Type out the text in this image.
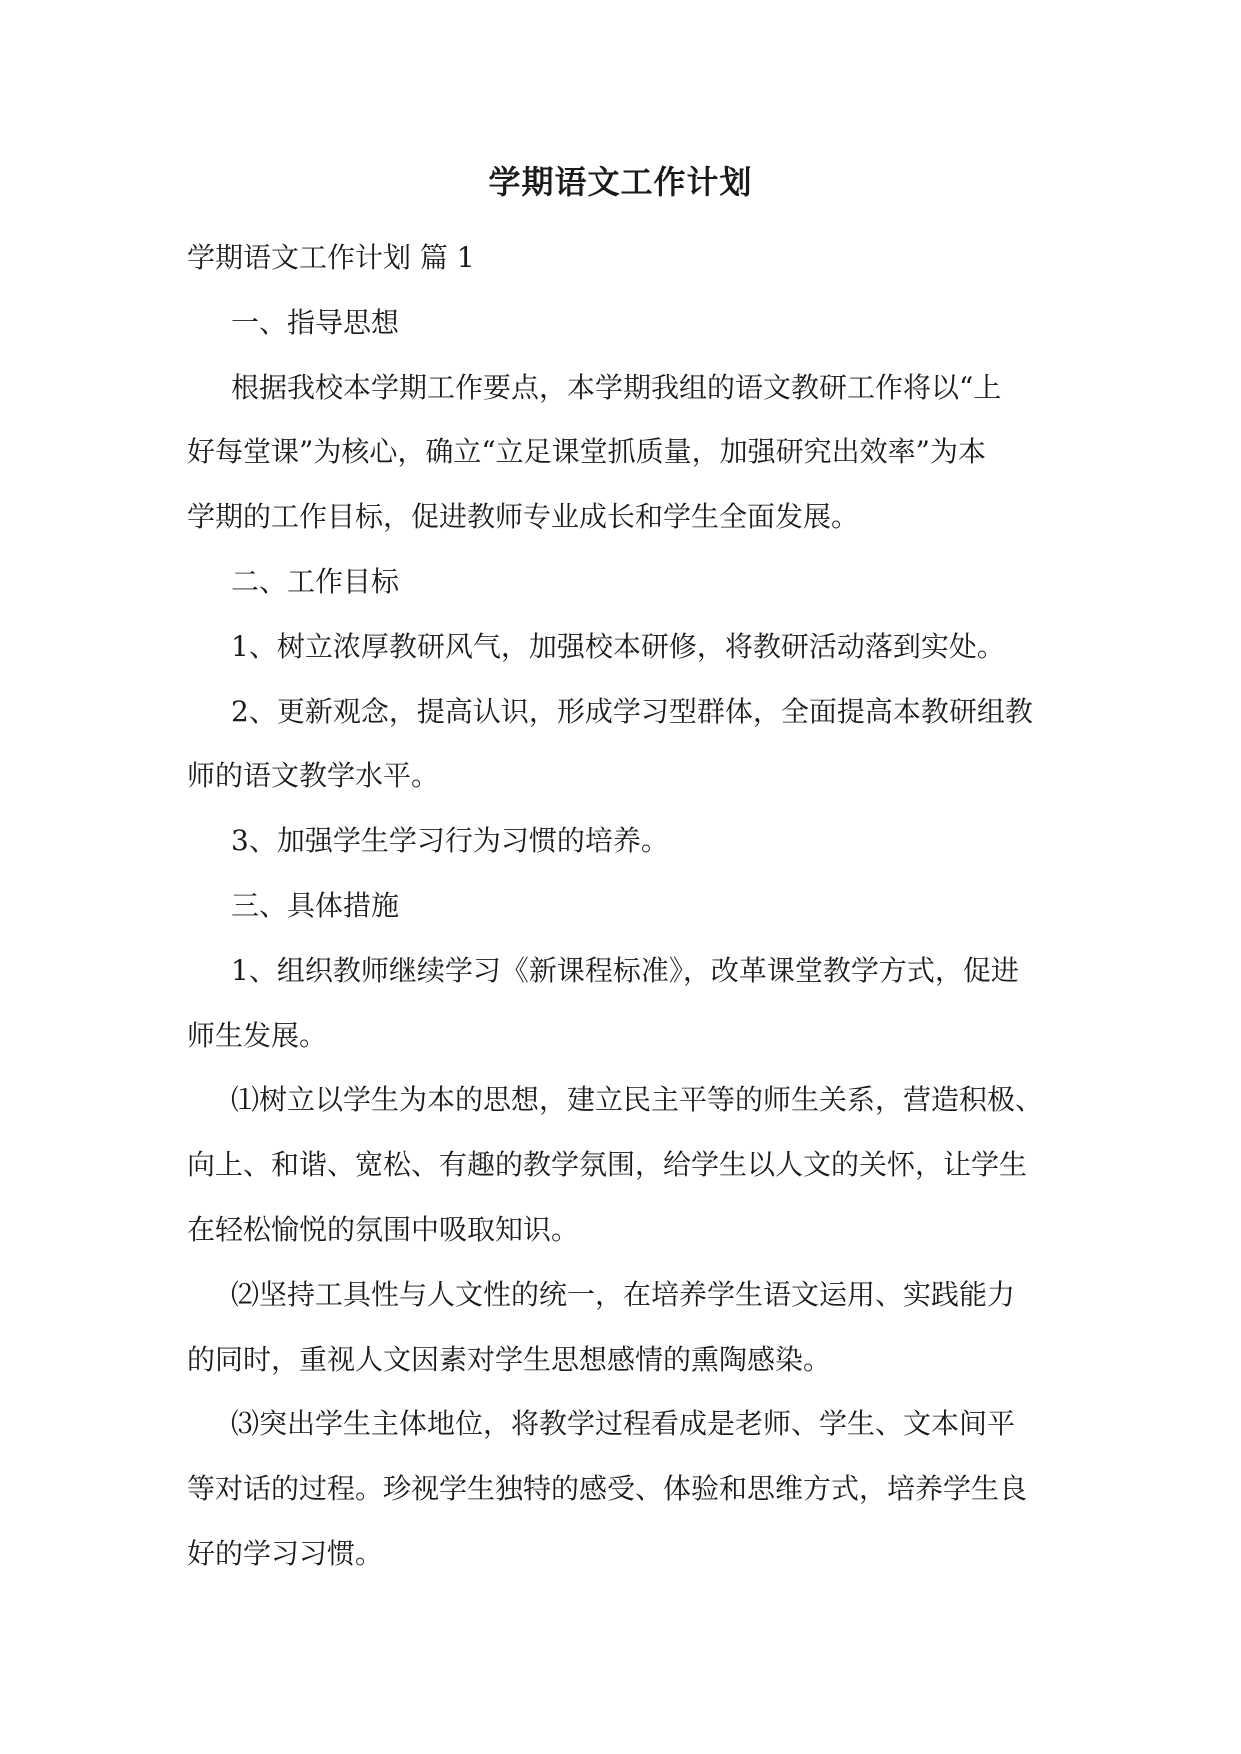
学期语文工作计划
学期语文工作计划 篇 1
一、指导思想
根据我校本学期工作要点，本学期我组的语文教研工作将以“上
好每堂课”为核心，确立“立足课堂抓质量，加强研究出效率”为本
学期的工作目标，促进教师专业成长和学生全面发展。
二、工作目标
1、树立浓厚教研风气，加强校本研修，将教研活动落到实处。
2、更新观念，提高认识，形成学习型群体，全面提高本教研组教
师的语文教学水平。
3、加强学生学习行为习惯的培养。
三、具体措施
1、组织教师继续学习《新课程标准》，改革课堂教学方式，促进
师生发展。
⑴树立以学生为本的思想，建立民主平等的师生关系，营造积极、
向上、和谐、宽松、有趣的教学氛围，给学生以人文的关怀，让学生
在轻松愉悦的氛围中吸取知识。
⑵坚持工具性与人文性的统一，在培养学生语文运用、实践能力
的同时，重视人文因素对学生思想感情的熏陶感染。
⑶突出学生主体地位，将教学过程看成是老师、学生、文本间平
等对话的过程。珍视学生独特的感受、体验和思维方式，培养学生良
好的学习习惯。
